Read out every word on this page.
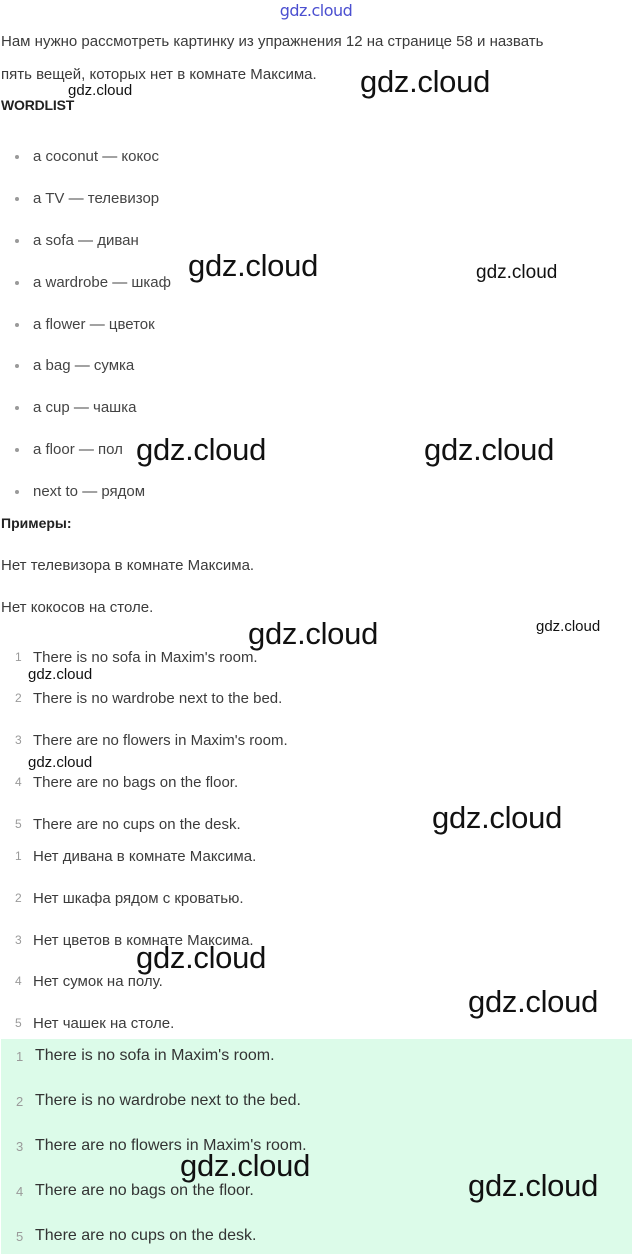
gdz.cloud
Нам нужно рассмотреть картинку из упражнения 12 на странице 58 и назвать
пять вещей, которых нет в комнате Максима.
WORDLIST
a coconut — кокос
a TV — телевизор
a sofa — диван
a wardrobe — шкаф
a flower — цветок
a bag — сумка
a cup — чашка
a floor — пол
next to — рядом
Примеры:
Нет телевизора в комнате Максима.
Нет кокосов на столе.
1 There is no sofa in Maxim's room.
2 There is no wardrobe next to the bed.
3 There are no flowers in Maxim's room.
4 There are no bags on the floor.
5 There are no cups on the desk.
1 Нет дивана в комнате Максима.
2 Нет шкафа рядом с кроватью.
3 Нет цветов в комнате Максима.
4 Нет сумок на полу.
5 Нет чашек на столе.
1 There is no sofa in Maxim's room.
2 There is no wardrobe next to the bed.
3 There are no flowers in Maxim's room.
4 There are no bags on the floor.
5 There are no cups on the desk.
gdz.cloud
gdz.cloud
gdz.cloud	gdz.cloud
gdz.cloud	gdz.cloud
gdz.cloud	gdz.cloud
gdz.cloud
gdz.cloud
gdz.cloud
gdz.cloud
gdz.cloud
gdz.cloud
gdz.cloud
